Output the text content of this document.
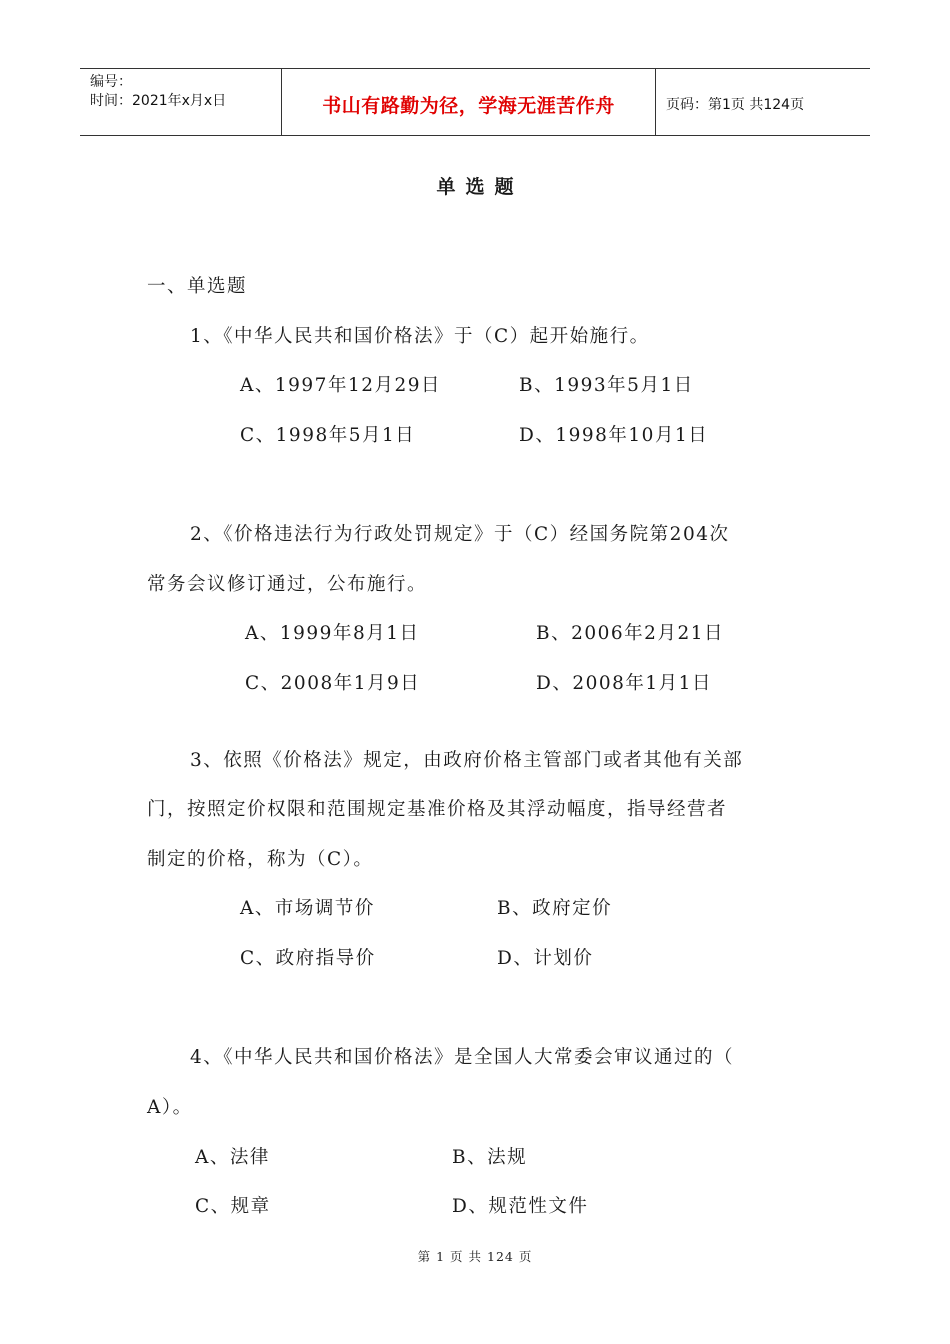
编号：
时间：2021年x月x日	书山有路勤为径，学海无涯苦作舟	页码：第1页 共124页
单选题
一、单选题
1、《中华人民共和国价格法》于（C）起开始施行。
A、1997年12月29日	B、1993年5月1日
C、1998年5月1日	D、1998年10月1日
2、《价格违法行为行政处罚规定》于（C）经国务院第204次
常务会议修订通过，公布施行。
A、1999年8月1日	B、2006年2月21日
C、2008年1月9日	D、2008年1月1日
3、依照《价格法》规定，由政府价格主管部门或者其他有关部
门，按照定价权限和范围规定基准价格及其浮动幅度，指导经营者
制定的价格，称为（C）。
A、市场调节价	B、政府定价
C、政府指导价	D、计划价
4、《中华人民共和国价格法》是全国人大常委会审议通过的（
A）。
A、法律	B、法规
C、规章	D、规范性文件
第 1 页 共 124 页
